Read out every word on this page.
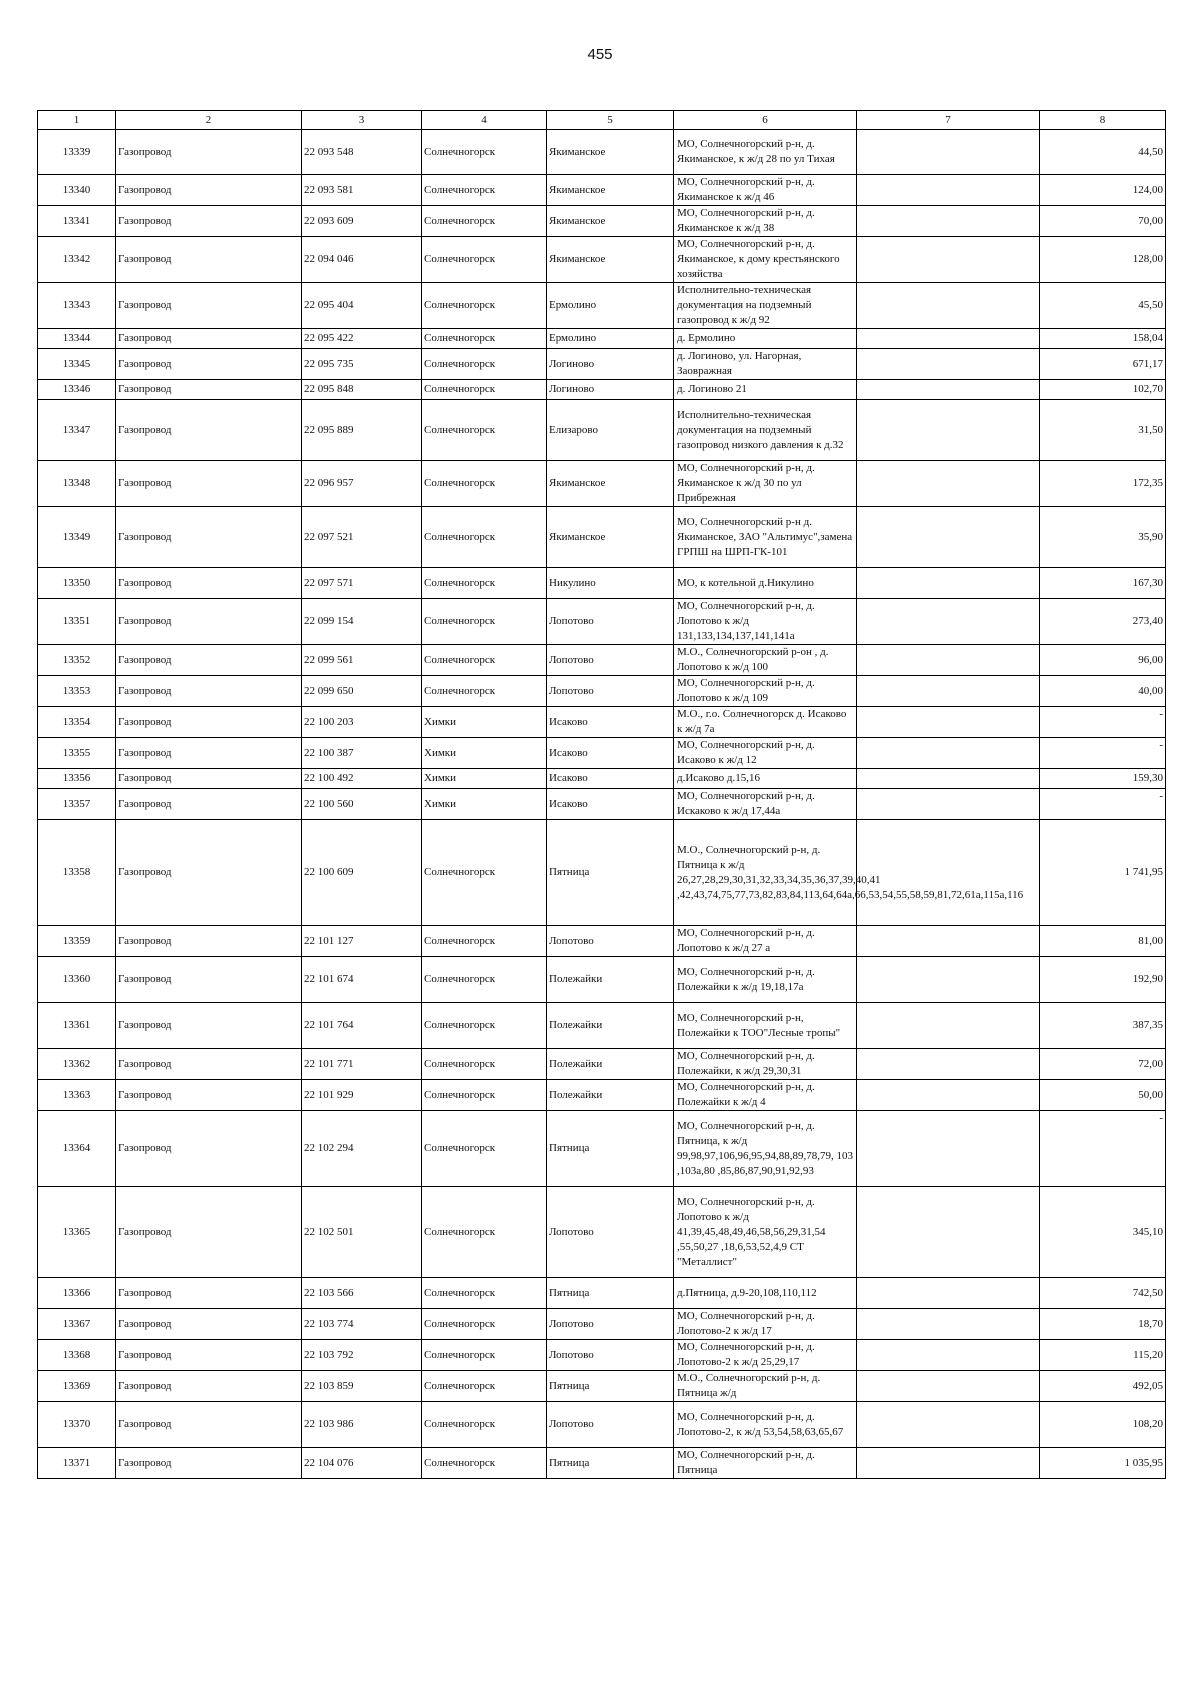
455
1	2	3	4	5	6	7	8
13339	Газопровод	22 093 548	Солнечногорск	Якиманское	МО, Солнечногорский р-н, д. Якиманское, к ж/д 28 по ул Тихая		44,50
13340	Газопровод	22 093 581	Солнечногорск	Якиманское	МО, Солнечногорский р-н, д. Якиманское к ж/д 46		124,00
13341	Газопровод	22 093 609	Солнечногорск	Якиманское	МО, Солнечногорский р-н, д. Якиманское к ж/д 38		70,00
13342	Газопровод	22 094 046	Солнечногорск	Якиманское	МО, Солнечногорский р-н, д. Якиманское, к дому крестьянского хозяйства		128,00
13343	Газопровод	22 095 404	Солнечногорск	Ермолино	Исполнительно-техническая документация на подземный газопровод к ж/д 92		45,50
13344	Газопровод	22 095 422	Солнечногорск	Ермолино	д. Ермолино		158,04
13345	Газопровод	22 095 735	Солнечногорск	Логиново	д. Логиново, ул. Нагорная, Заовражная		671,17
13346	Газопровод	22 095 848	Солнечногорск	Логиново	д. Логиново 21		102,70
13347	Газопровод	22 095 889	Солнечногорск	Елизарово	Исполнительно-техническая документация на подземный газопровод низкого давления к д.32		31,50
13348	Газопровод	22 096 957	Солнечногорск	Якиманское	МО, Солнечногорский р-н, д. Якиманское к ж/д 30 по ул Прибрежная		172,35
13349	Газопровод	22 097 521	Солнечногорск	Якиманское	МО, Солнечногорский р-н д. Якиманское, ЗАО "Альтимус",замена ГРПШ на ШРП-ГК-101		35,90
13350	Газопровод	22 097 571	Солнечногорск	Никулино	МО, к котельной д.Никулино		167,30
13351	Газопровод	22 099 154	Солнечногорск	Лопотово	МО, Солнечногорский р-н, д. Лопотово к ж/д 131,133,134,137,141,141а		273,40
13352	Газопровод	22 099 561	Солнечногорск	Лопотово	М.О., Солнечногорский р-он , д. Лопотово к ж/д 100		96,00
13353	Газопровод	22 099 650	Солнечногорск	Лопотово	МО, Солнечногорский р-н, д. Лопотово к ж/д 109		40,00
13354	Газопровод	22 100 203	Химки	Исаково	М.О., г.о. Солнечногорск д. Исаково к ж/д 7а		-
13355	Газопровод	22 100 387	Химки	Исаково	МО, Солнечногорский р-н, д. Исаково к ж/д 12		-
13356	Газопровод	22 100 492	Химки	Исаково	д.Исаково д.15,16		159,30
13357	Газопровод	22 100 560	Химки	Исаково	МО, Солнечногорский р-н, д. Искаково к ж/д 17,44а		-
13358	Газопровод	22 100 609	Солнечногорск	Пятница	М.О., Солнечногорский р-н, д. Пятница к ж/д 26,27,28,29,30,31,32,33,34,35,36,37,39,40,41 ,42,43,74,75,77,73,82,83,84,113,64,64а,66,53,54,55,58,59,81,72,61а,115а,116		1 741,95
13359	Газопровод	22 101 127	Солнечногорск	Лопотово	МО, Солнечногорский р-н, д. Лопотово к ж/д 27 а		81,00
13360	Газопровод	22 101 674	Солнечногорск	Полежайки	МО, Солнечногорский р-н, д. Полежайки к ж/д 19,18,17а		192,90
13361	Газопровод	22 101 764	Солнечногорск	Полежайки	МО, Солнечногорский р-н, Полежайки к ТОО"Лесные тропы"		387,35
13362	Газопровод	22 101 771	Солнечногорск	Полежайки	МО, Солнечногорский р-н, д. Полежайки, к ж/д 29,30,31		72,00
13363	Газопровод	22 101 929	Солнечногорск	Полежайки	МО, Солнечногорский р-н, д. Полежайки к ж/д 4		50,00
13364	Газопровод	22 102 294	Солнечногорск	Пятница	МО, Солнечногорский р-н, д. Пятница, к ж/д 99,98,97,106,96,95,94,88,89,78,79, 103 ,103а,80 ,85,86,87,90,91,92,93		-
13365	Газопровод	22 102 501	Солнечногорск	Лопотово	МО, Солнечногорский р-н, д. Лопотово к ж/д 41,39,45,48,49,46,58,56,29,31,54 ,55,50,27 ,18,6,53,52,4,9 СТ "Металлист"		345,10
13366	Газопровод	22 103 566	Солнечногорск	Пятница	д.Пятница, д.9-20,108,110,112		742,50
13367	Газопровод	22 103 774	Солнечногорск	Лопотово	МО, Солнечногорский р-н, д. Лопотово-2 к ж/д 17		18,70
13368	Газопровод	22 103 792	Солнечногорск	Лопотово	МО, Солнечногорский р-н, д. Лопотово-2 к ж/д 25,29,17		115,20
13369	Газопровод	22 103 859	Солнечногорск	Пятница	М.О., Солнечногорский р-н, д. Пятница ж/д		492,05
13370	Газопровод	22 103 986	Солнечногорск	Лопотово	МО, Солнечногорский р-н, д. Лопотово-2, к ж/д 53,54,58,63,65,67		108,20
13371	Газопровод	22 104 076	Солнечногорск	Пятница	МО, Солнечногорский р-н, д. Пятница		1 035,95
